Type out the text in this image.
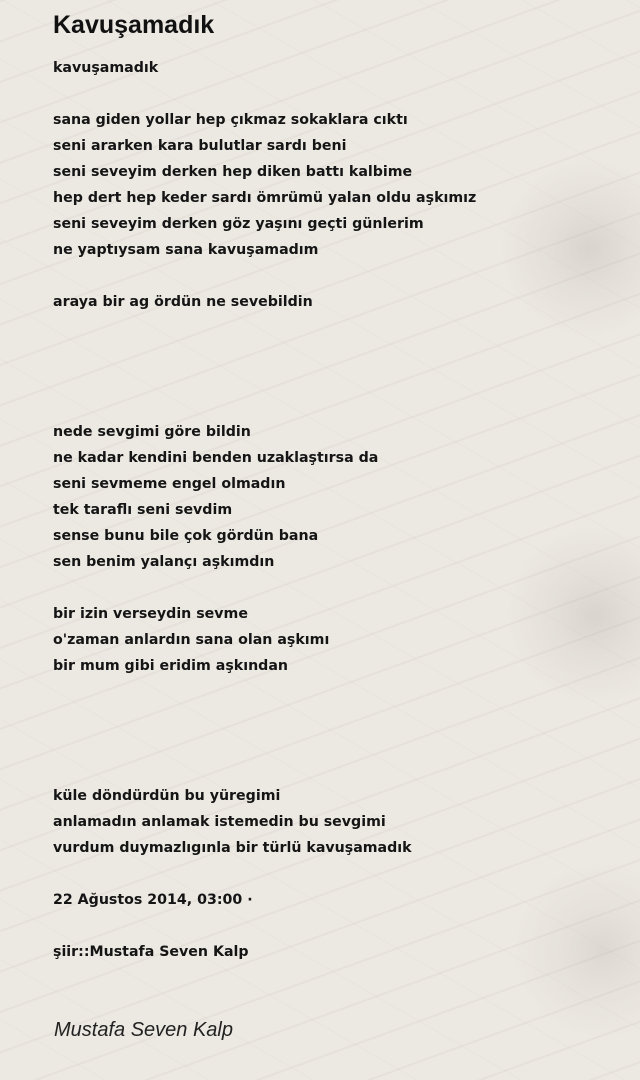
Kavuşamadık
kavuşamadık
sana giden yollar hep çıkmaz sokaklara cıktı
seni ararken kara bulutlar sardı beni
seni seveyim derken hep diken battı kalbime
hep dert hep keder sardı ömrümü yalan oldu aşkımız
seni seveyim derken göz yaşını geçti günlerim
ne yaptıysam sana kavuşamadım
araya bir ag ördün ne sevebildin
nede sevgimi göre bildin
ne kadar kendini benden uzaklaştırsa da
seni sevmeme engel olmadın
tek taraflı seni sevdim
sense bunu bile çok gördün bana
sen benim yalançı aşkımdın
bir izin verseydin sevme
o'zaman anlardın sana olan aşkımı
bir mum gibi eridim aşkından
küle döndürdün bu yüregimi
anlamadın anlamak istemedin bu sevgimi
vurdum duymazlıgınla bir türlü kavuşamadık
22 Ağustos 2014, 03:00 ·
şiir::Mustafa Seven Kalp
Mustafa Seven Kalp
